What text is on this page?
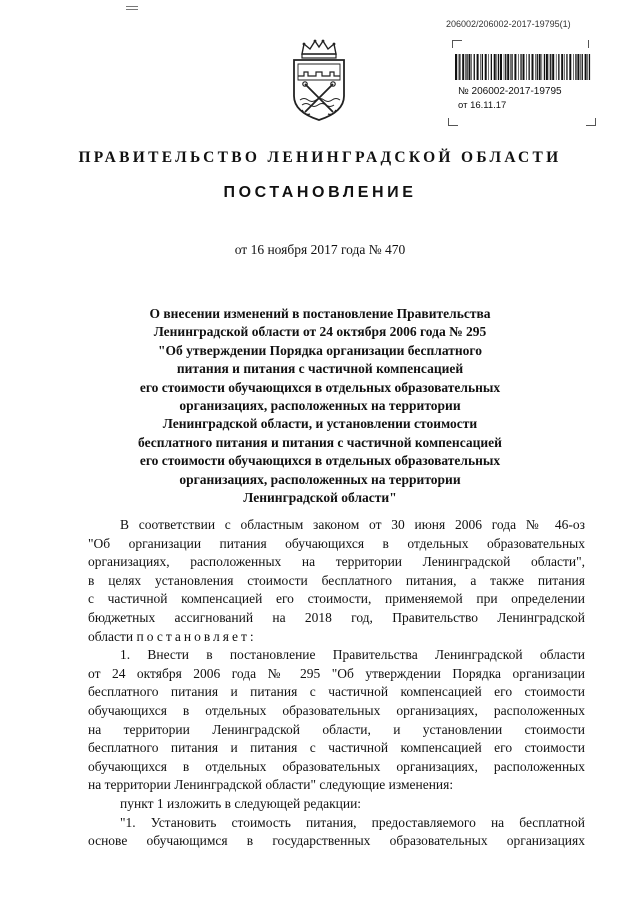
206002/206002-2017-19795(1)
№ 206002-2017-19795
от 16.11.17
ПРАВИТЕЛЬСТВО ЛЕНИНГРАДСКОЙ ОБЛАСТИ
ПОСТАНОВЛЕНИЕ
от 16 ноября 2017 года № 470
О внесении изменений в постановление Правительства
Ленинградской области от 24 октября 2006 года № 295
"Об утверждении Порядка организации бесплатного
питания и питания с частичной компенсацией
его стоимости обучающихся в отдельных образовательных
организациях, расположенных на территории
Ленинградской области, и установлении стоимости
бесплатного питания и питания с частичной компенсацией
его стоимости обучающихся в отдельных образовательных
организациях, расположенных на территории
Ленинградской области"

В соответствии с областным законом от 30 июня 2006 года № 46-оз

"Об организации питания обучающихся в отдельных образовательных

организациях, расположенных на территории Ленинградской области",

в целях установления стоимости бесплатного питания, а также питания

с частичной компенсацией его стоимости, применяемой при определении

бюджетных ассигнований на 2018 год, Правительство Ленинградской

области постановляет:

1. Внести в постановление Правительства Ленинградской области

от 24 октября 2006 года № 295 "Об утверждении Порядка организации

бесплатного питания и питания с частичной компенсацией его стоимости

обучающихся в отдельных образовательных организациях, расположенных

на территории Ленинградской области, и установлении стоимости

бесплатного питания и питания с частичной компенсацией его стоимости

обучающихся в отдельных образовательных организациях, расположенных

на территории Ленинградской области" следующие изменения:

пункт 1 изложить в следующей редакции:

"1. Установить стоимость питания, предоставляемого на бесплатной

основе обучающимся в государственных образовательных организациях
